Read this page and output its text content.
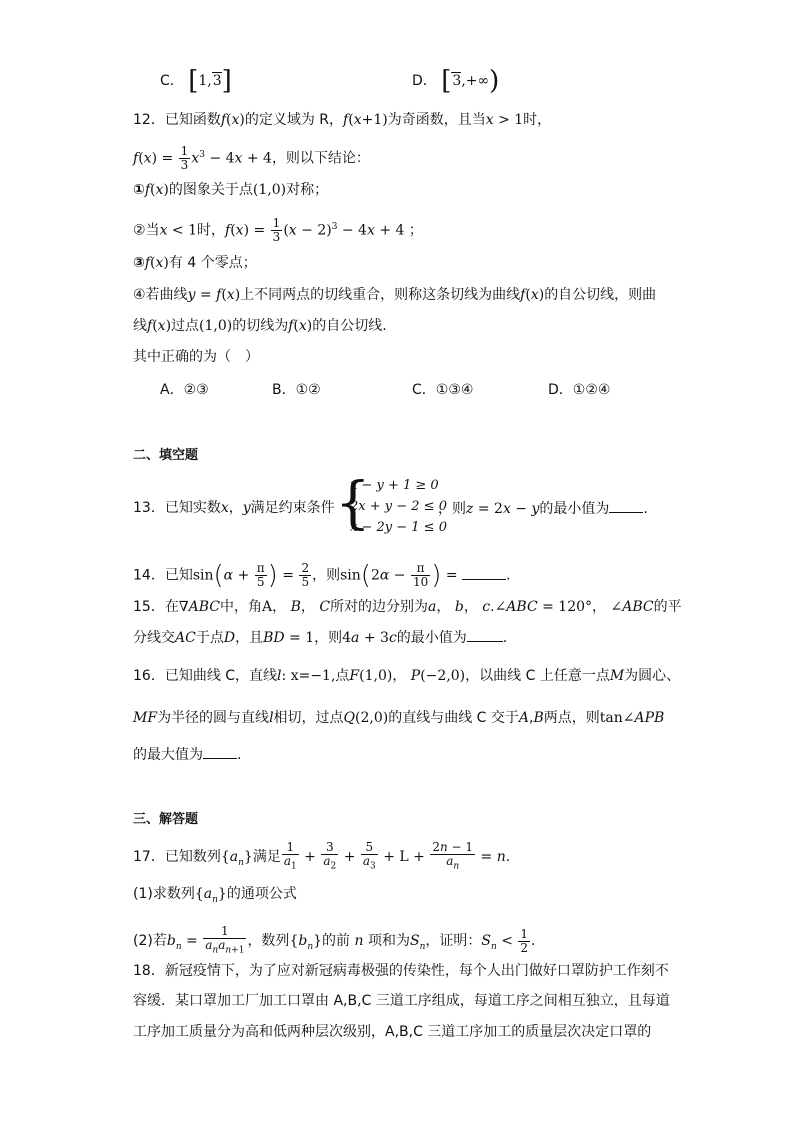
C． [1,3]	D． [3,+∞)
12．已知函数f(x)的定义域为 R，f(x+1)为奇函数，且当x > 1时，
$f(x) = \frac{1}{3} x^3 - 4x + 4$，则以下结论：
①f(x)的图象关于点(1,0)对称；
②当x < 1时，$f(x) = \frac{1}{3} (x - 2)^3 - 4x + 4$ ；
③f(x)有 4 个零点；
④若曲线y = f(x)上不同两点的切线重合，则称这条切线为曲线f(x)的自公切线，则曲
线f(x)过点(1,0)的切线为f(x)的自公切线.
其中正确的为（　）
A．②③	B．①②	C．①③④	D．①②④
二、填空题
13．已知实数x，y满足约束条件 {
x − y + 1 ≥ 0
2x + y − 2 ≤ 0
x − 2y − 1 ≤ 0
，则z = 2x − y的最小值为 .
14．已知$\sin(\alpha + \frac{\pi}{5}$ ) = $\frac{2}{5}$ ，则$\sin(2\alpha - \frac{\pi}{10}$ ) =	.
15．在∇ABC中，角A， B， C所对的边分别为a， b， c.∠ABC = 120°， ∠ABC的平
分线交AC于点D，且BD = 1，则4a + 3c的最小值为	.
16．已知曲线 C，直线l: x=−1,点F(1,0)， P(−2,0)，以曲线 C 上任意一点M为圆心、
MF为半径的圆与直线l相切，过点Q(2,0)的直线与曲线 C 交于A,B两点，则tan∠APB
的最大值为 .
三、解答题
17．已知数列$\{a_n\}$满足 $\frac{1}{a_1} + \frac{3}{a_2} + \frac{5}{a_3} + L + \frac{2n - 1}{a_n} = n$.
(1)求数列$\{a_n\}$的通项公式
(2)若$b_n = \frac{1}{a_na_{n+1}}$ ，数列$\{b_n\}$的前 n 项和为$S_n$，证明：$S_n < \frac{1}{2}$ .
18．新冠疫情下，为了应对新冠病毒极强的传染性，每个人出门做好口罩防护工作刻不
容缓．某口罩加工厂加工口罩由 A,B,C 三道工序组成，每道工序之间相互独立，且每道
工序加工质量分为高和低两种层次级别，A,B,C 三道工序加工的质量层次决定口罩的
